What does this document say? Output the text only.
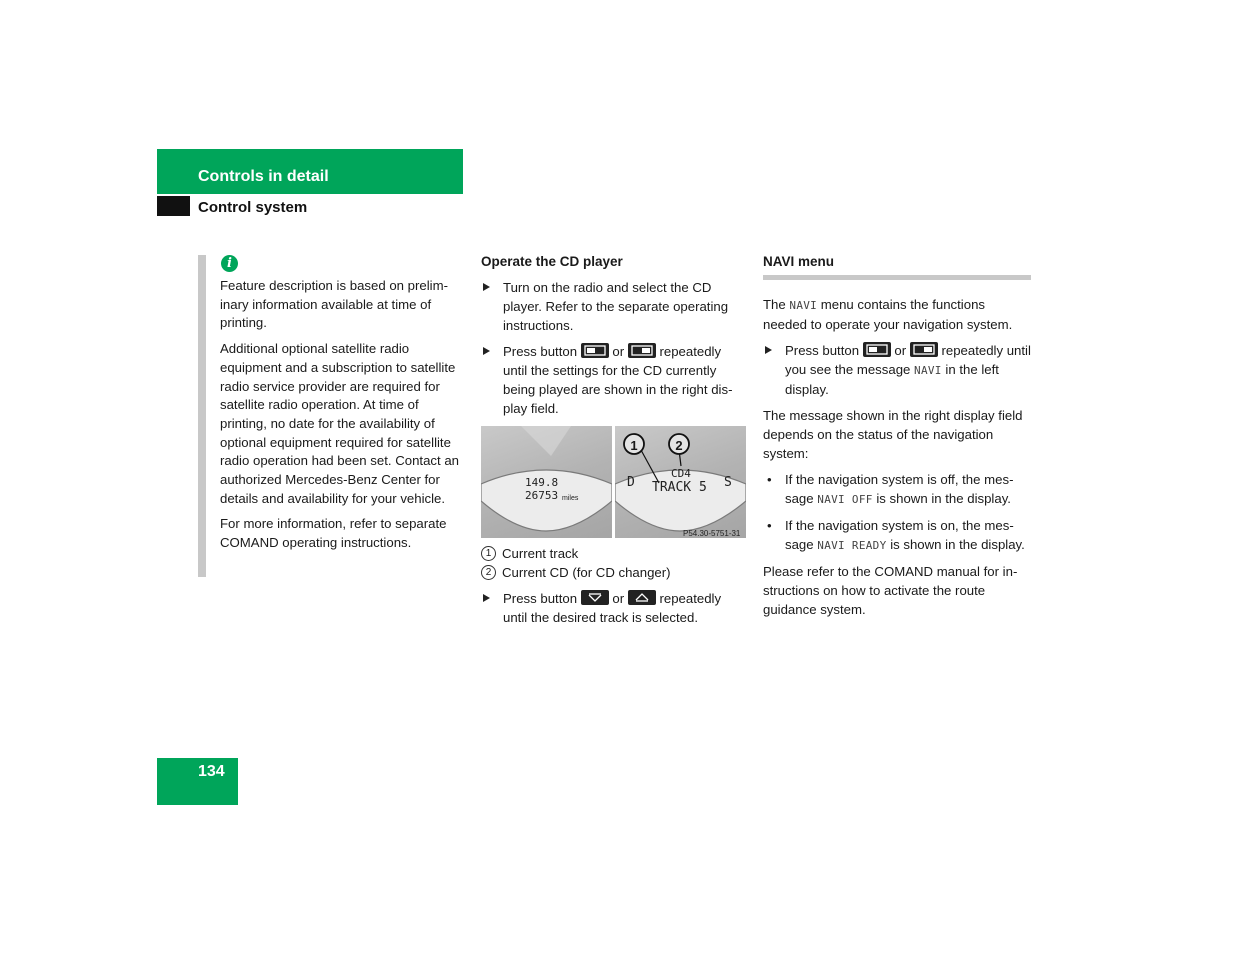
Controls in detail
Control system
i

Feature description is based on preliminary information available at time of printing.

Additional optional satellite radio equipment and a subscription to satellite radio service provider are required for satellite radio operation. At time of printing, no date for the availability of optional equipment required for satellite radio operation had been set. Contact an authorized Mercedes-Benz Center for details and availability for your vehicle.

For more information, refer to separate COMAND operating instructions.

Operate the CD player
Turn on the radio and select the CD player. Refer to the separate operating instructions.
Press button	or	repeatedly until the settings for the CD currently being played are shown in the right display field.
149.8
26753 miles
1	2
CD4
TRACK 5
D	S
P54.30-5751-31
1 Current track
2 Current CD (for CD changer)
Press button	or	repeatedly until the desired track is selected.
NAVI menu
The NAVI menu contains the functions needed to operate your navigation system.
Press button	or	repeatedly until you see the message NAVI in the left display.
The message shown in the right display field depends on the status of the navigation system:
• If the navigation system is off, the message NAVI OFF is shown in the display.
• If the navigation system is on, the message NAVI READY is shown in the display.
Please refer to the COMAND manual for instructions on how to activate the route guidance system.
134
